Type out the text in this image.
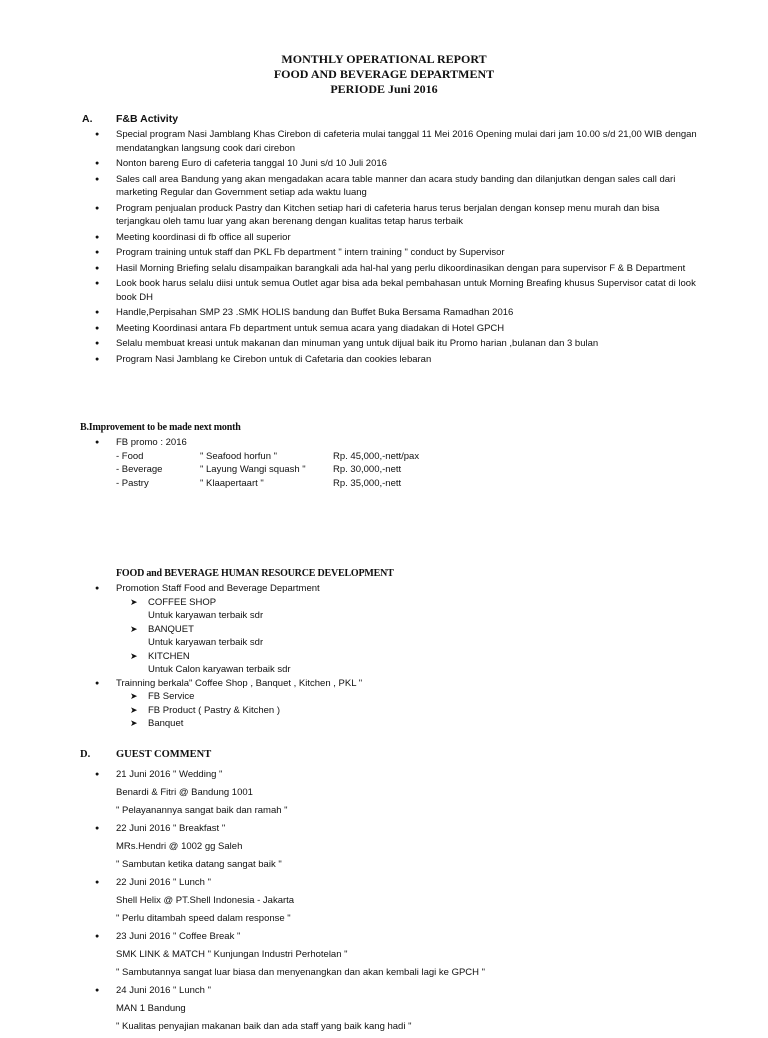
MONTHLY OPERATIONAL REPORT
FOOD AND BEVERAGE DEPARTMENT
PERIODE Juni 2016
A. F&B Activity
● Special program Nasi Jamblang Khas Cirebon di cafeteria mulai tanggal 11 Mei 2016 Opening mulai dari jam 10.00 s/d 21,00 WIB dengan mendatangkan langsung cook dari cirebon
● Nonton bareng Euro di cafeteria tanggal 10 Juni s/d 10 Juli 2016
● Sales call area Bandung yang akan mengadakan acara table manner dan acara study banding dan dilanjutkan dengan sales call dari marketing Regular dan Government setiap ada waktu luang
● Program penjualan produck Pastry dan Kitchen setiap hari di cafeteria harus terus berjalan dengan konsep menu murah dan bisa terjangkau oleh tamu luar yang akan berenang dengan kualitas tetap harus terbaik
● Meeting koordinasi di fb office all superior
● Program training untuk staff dan PKL Fb department " intern training " conduct by Supervisor
● Hasil Morning Briefing selalu disampaikan barangkali ada hal-hal yang perlu dikoordinasikan dengan para supervisor F & B Department
● Look book harus selalu diisi untuk semua Outlet agar bisa ada bekal pembahasan untuk Morning Breafing khusus Supervisor catat di look book DH
● Handle,Perpisahan SMP 23 .SMK HOLIS bandung dan Buffet Buka Bersama Ramadhan 2016
● Meeting Koordinasi antara Fb department untuk semua acara yang diadakan di Hotel GPCH
● Selalu membuat kreasi untuk makanan dan minuman yang untuk dijual baik itu Promo harian ,bulanan dan 3 bulan
● Program Nasi Jamblang ke Cirebon untuk di Cafetaria dan cookies lebaran
B.Improvement to be made next month
● FB promo : 2016
- Food	" Seafood horfun "	Rp. 45,000,-nett/pax
- Beverage	" Layung Wangi squash "	Rp. 30,000,-nett
- Pastry	" Klaapertaart "	Rp. 35,000,-nett
FOOD and BEVERAGE HUMAN RESOURCE DEVELOPMENT
● Promotion Staff Food and Beverage Department
➤ COFFEE SHOP
Untuk karyawan terbaik sdr
➤ BANQUET
Untuk karyawan terbaik sdr
➤ KITCHEN
Untuk Calon karyawan terbaik sdr
● Trainning berkala" Coffee Shop , Banquet , Kitchen , PKL "
➤ FB Service
➤ FB Product ( Pastry & Kitchen )
➤ Banquet
D. GUEST COMMENT
● 21 Juni 2016 " Wedding "
Benardi & Fitri @ Bandung 1001
" Pelayanannya sangat baik dan ramah "
● 22 Juni 2016 " Breakfast "
MRs.Hendri @ 1002 gg Saleh
" Sambutan ketika datang sangat baik "
● 22 Juni 2016 " Lunch "
Shell Helix @ PT.Shell Indonesia - Jakarta
" Perlu ditambah speed dalam response "
● 23 Juni 2016 " Coffee Break "
SMK LINK & MATCH " Kunjungan Industri Perhotelan "
" Sambutannya sangat luar biasa dan menyenangkan dan akan kembali lagi ke GPCH "
● 24 Juni 2016 " Lunch "
MAN 1 Bandung
" Kualitas penyajian makanan baik dan ada staff yang baik kang hadi "
